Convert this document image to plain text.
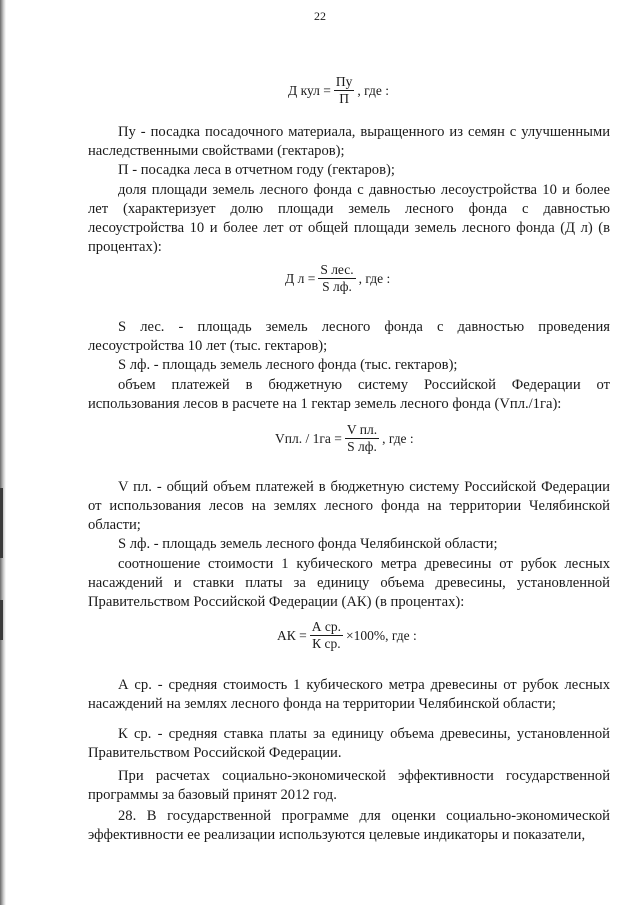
22
Д кул = $\frac{Пу}{П}$ , где :
Пу - посадка посадочного материала, выращенного из семян с улучшенными наследственными свойствами (гектаров);
П - посадка леса в отчетном году (гектаров);
доля площади земель лесного фонда с давностью лесоустройства 10 и более лет (характеризует долю площади земель лесного фонда с давностью лесоустройства 10 и более лет от общей площади земель лесного фонда (Д л) (в процентах):
Д $л = \frac{\text{S лес.}}{\text{S лф.}}$ , где :
S лес. - площадь земель лесного фонда с давностью проведения лесоустройства 10 лет (тыс. гектаров);
S лф. - площадь земель лесного фонда (тыс. гектаров);
объем платежей в бюджетную систему Российской Федерации от использования лесов в расчете на 1 гектар земель лесного фонда (Vпл./1га):
Vпл. / $1га = \frac{\text{V пл.}}{\text{S лф.}}$ , где :
V пл. - общий объем платежей в бюджетную систему Российской Федерации от использования лесов на землях лесного фонда на территории Челябинской области;
S лф. - площадь земель лесного фонда Челябинской области;
соотношение стоимости 1 кубического метра древесины от рубок лесных насаждений и ставки платы за единицу объема древесины, установленной Правительством Российской Федерации (АК) (в процентах):
АК = $\frac{\text{А ср.}}{\text{К ср.}} \times 100\%$, где :
А ср. - средняя стоимость 1 кубического метра древесины от рубок лесных насаждений на землях лесного фонда на территории Челябинской области;
К ср. - средняя ставка платы за единицу объема древесины, установленной Правительством Российской Федерации.
При расчетах социально-экономической эффективности государственной программы за базовый принят 2012 год.
28. В государственной программе для оценки социально-экономической эффективности ее реализации используются целевые индикаторы и показатели,
